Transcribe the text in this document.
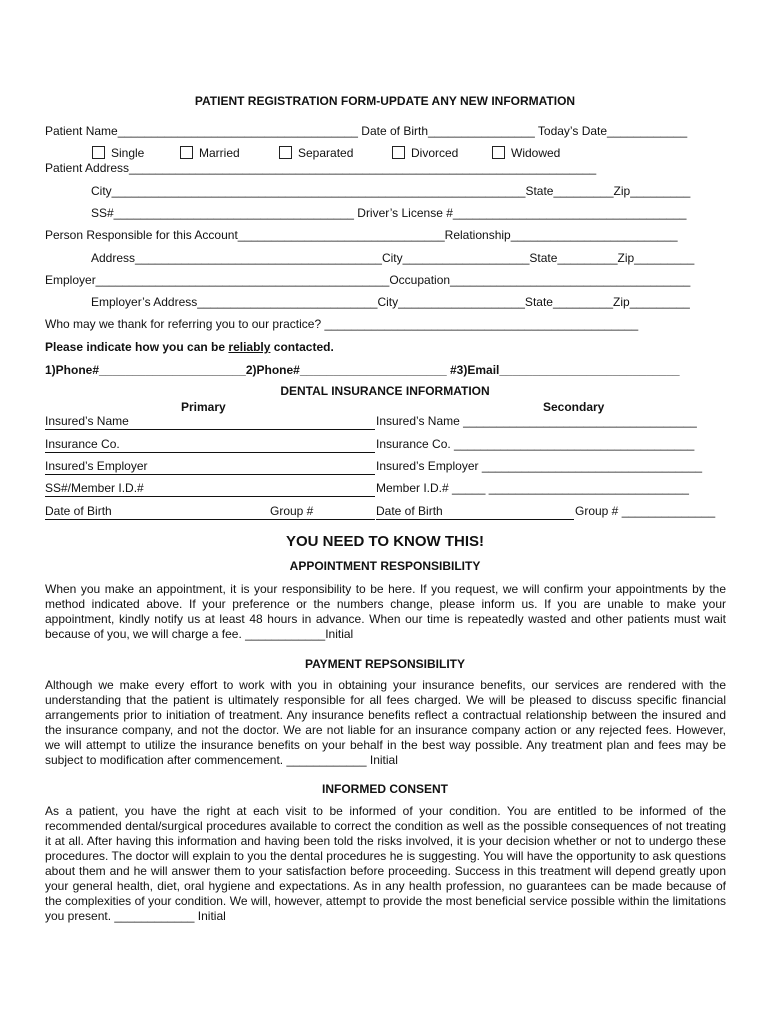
PATIENT REGISTRATION FORM-UPDATE ANY NEW INFORMATION
Patient Name____________________________________ Date of Birth________________ Today’s Date____________
Single	Married	Separated	Divorced	Widowed
Patient Address______________________________________________________________________
City______________________________________________________________State_________Zip_________
SS#____________________________________ Driver’s License #___________________________________
Person Responsible for this Account_______________________________Relationship_________________________
Address_____________________________________City___________________State_________Zip_________
Employer____________________________________________Occupation____________________________________
Employer’s Address___________________________City___________________State_________Zip_________
Who may we thank for referring you to our practice? _______________________________________________
Please indicate how you can be reliably contacted.
1)Phone#______________________2)Phone#______________________ #3)Email___________________________
DENTAL INSURANCE INFORMATION
Primary	Secondary
Insured’s Name	Insured’s Name ___________________________________
Insurance Co.	Insurance Co. ____________________________________
Insured’s Employer	Insured’s Employer _________________________________
SS#/Member I.D.#	Member I.D.# _____ ______________________________
Date of Birth	Group #	Date of Birth	Group # ______________
YOU NEED TO KNOW THIS!
APPOINTMENT RESPONSIBILITY
When you make an appointment, it is your responsibility to be here. If you request, we will confirm your appointments by the method indicated above. If your preference or the numbers change, please inform us. If you are unable to make your appointment, kindly notify us at least 48 hours in advance. When our time is repeatedly wasted and other patients must wait because of you, we will charge a fee. ____________Initial
PAYMENT REPSONSIBILITY
Although we make every effort to work with you in obtaining your insurance benefits, our services are rendered with the understanding that the patient is ultimately responsible for all fees charged. We will be pleased to discuss specific financial arrangements prior to initiation of treatment. Any insurance benefits reflect a contractual relationship between the insured and the insurance company, and not the doctor. We are not liable for an insurance company action or any rejected fees. However, we will attempt to utilize the insurance benefits on your behalf in the best way possible. Any treatment plan and fees may be subject to modification after commencement. ____________ Initial
INFORMED CONSENT
As a patient, you have the right at each visit to be informed of your condition. You are entitled to be informed of the recommended dental/surgical procedures available to correct the condition as well as the possible consequences of not treating it at all. After having this information and having been told the risks involved, it is your decision whether or not to undergo these procedures. The doctor will explain to you the dental procedures he is suggesting. You will have the opportunity to ask questions about them and he will answer them to your satisfaction before proceeding. Success in this treatment will depend greatly upon your general health, diet, oral hygiene and expectations. As in any health profession, no guarantees can be made because of the complexities of your condition. We will, however, attempt to provide the most beneficial service possible within the limitations you present. ____________ Initial
